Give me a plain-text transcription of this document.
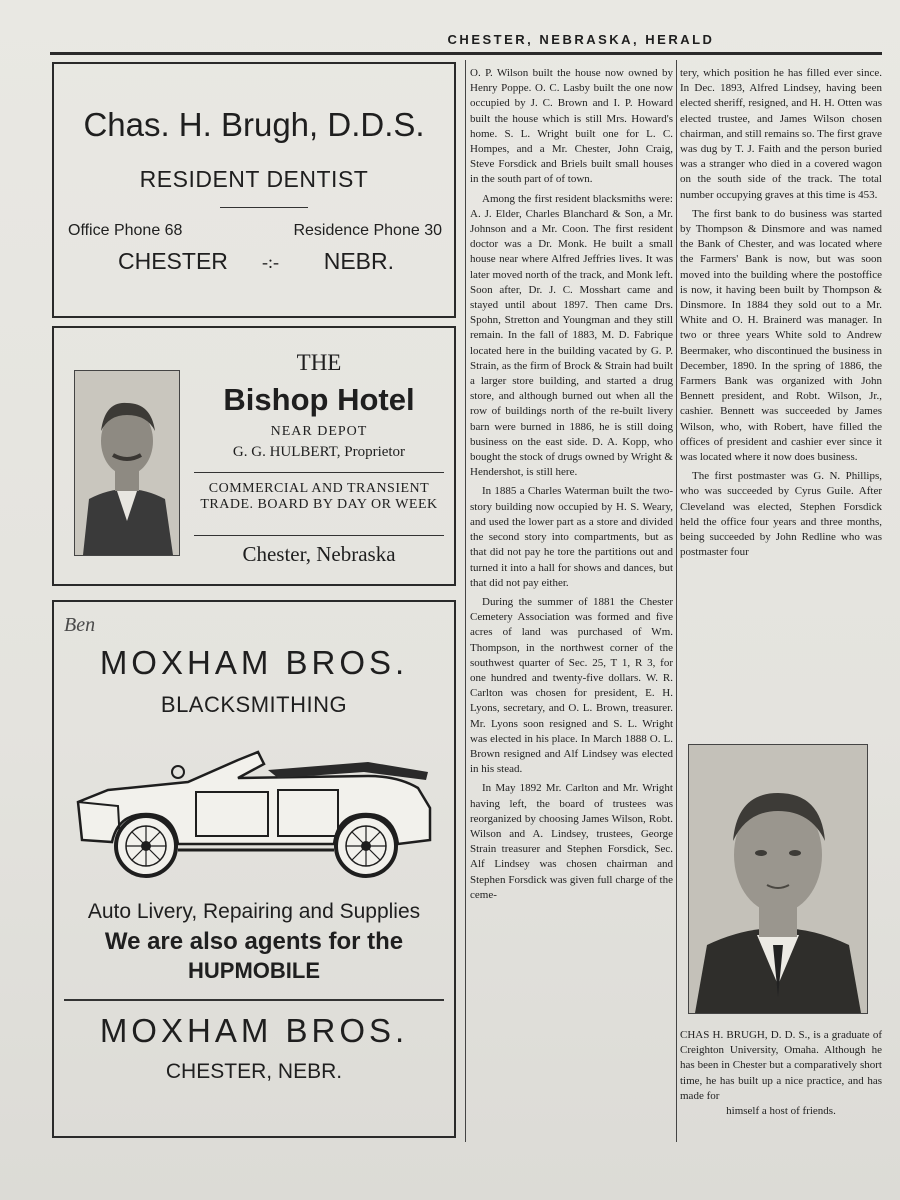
CHESTER, NEBRASKA, HERALD
Chas. H. Brugh, D.D.S.
RESIDENT DENTIST
Office Phone 68	Residence Phone 30
CHESTER -:- NEBR.
THE
Bishop Hotel
NEAR DEPOT
G. G. HULBERT, Proprietor
COMMERCIAL AND TRANSIENT TRADE. BOARD BY DAY OR WEEK
Chester, Nebraska
Ben
MOXHAM BROS.
BLACKSMITHING
Auto Livery, Repairing and Supplies
We are also agents for the
HUPMOBILE
MOXHAM BROS.
CHESTER, NEBR.

O. P. Wilson built the house now owned by Henry Poppe. O. C. Lasby built the one now occupied by J. C. Brown and I. P. Howard built the house which is still Mrs. Howard's home. S. L. Wright built one for L. C. Hompes, and a Mr. Chester, John Craig, Steve Forsdick and Briels built small houses in the south part of of town.

Among the first resident blacksmiths were: A. J. Elder, Charles Blanchard & Son, a Mr. Johnson and a Mr. Coon. The first resident doctor was a Dr. Monk. He built a small house near where Alfred Jeffries lives. It was later moved north of the track, and Monk left. Soon after, Dr. J. C. Mosshart came and stayed until about 1897. Then came Drs. Spohn, Stretton and Youngman and they still remain. In the fall of 1883, M. D. Fabrique located here in the building vacated by G. P. Strain, as the firm of Brock & Strain had built a larger store building, and started a drug store, and although burned out when all the row of buildings north of the re-built livery barn were burned in 1886, he is still doing business on the east side. D. A. Kopp, who bought the stock of drugs owned by Wright & Hendershot, is still here.

In 1885 a Charles Waterman built the two-story building now occupied by H. S. Weary, and used the lower part as a store and divided the second story into compartments, but as that did not pay he tore the partitions out and turned it into a hall for shows and dances, but that did not pay either.

During the summer of 1881 the Chester Cemetery Association was formed and five acres of land was purchased of Wm. Thompson, in the northwest corner of the southwest quarter of Sec. 25, T 1, R 3, for one hundred and twenty-five dollars. W. R. Carlton was chosen for president, E. H. Lyons, secretary, and O. L. Brown, treasurer. Mr. Lyons soon resigned and S. L. Wright was elected in his place. In March 1888 O. L. Brown resigned and Alf Lindsey was elected in his stead.

In May 1892 Mr. Carlton and Mr. Wright having left, the board of trustees was reorganized by choosing James Wilson, Robt. Wilson and A. Lindsey, trustees, George Strain treasurer and Stephen Forsdick, Sec. Alf Lindsey was chosen chairman and Stephen Forsdick was given full charge of the ceme-

tery, which position he has filled ever since. In Dec. 1893, Alfred Lindsey, having been elected sheriff, resigned, and H. H. Otten was elected trustee, and James Wilson chosen chairman, and still remains so. The first grave was dug by T. J. Faith and the person buried was a stranger who died in a covered wagon on the south side of the track. The total number occupying graves at this time is 453.

The first bank to do business was started by Thompson & Dinsmore and was named the Bank of Chester, and was located where the Farmers' Bank is now, but was soon moved into the building where the postoffice is now, it having been built by Thompson & Dinsmore. In 1884 they sold out to a Mr. White and O. H. Brainerd was manager. In two or three years White sold to Andrew Beermaker, who discontinued the business in December, 1890. In the spring of 1886, the Farmers Bank was organized with John Bennett president, and Robt. Wilson, Jr., cashier. Bennett was succeeded by James Wilson, who, with Robert, have filled the offices of president and cashier ever since it was located where it now does business.

The first postmaster was G. N. Phillips, who was succeeded by Cyrus Guile. After Cleveland was elected, Stephen Forsdick held the office four years and three months, being succeeded by John Redline who was postmaster four

CHAS H. BRUGH, D. D. S., is a graduate of Creighton University, Omaha. Although he has been in Chester but a comparatively short time, he has built up a nice practice, and has made for
himself a host of friends.
